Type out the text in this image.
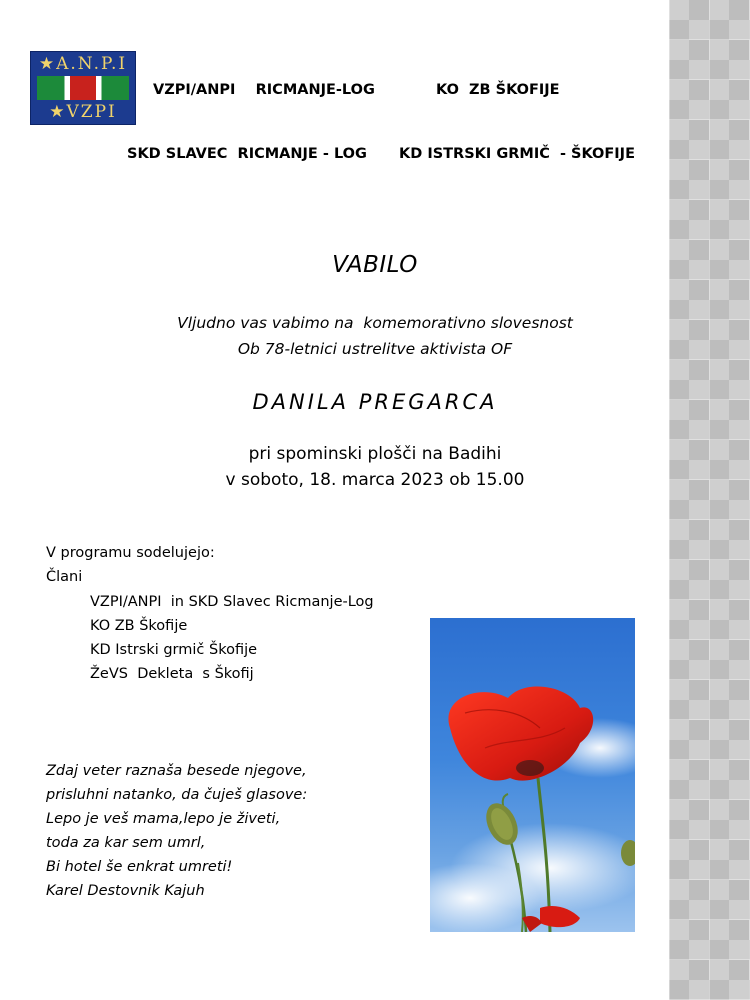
★A.N.P.I
★VZPI
VZPI/ANPI    RICMANJE-LOG	KO  ZB ŠKOFIJE
SKD SLAVEC  RICMANJE - LOG KD ISTRSKI GRMIČ  - ŠKOFIJE
VABILO
Vljudno vas vabimo na  komemorativno slovesnost
Ob 78-letnici ustrelitve aktivista OF
DANILA PREGARCA
pri spominski plošči na Badihi
v soboto, 18. marca 2023 ob 15.00
V programu sodelujejo:
Člani
VZPI/ANPI  in SKD Slavec Ricmanje-Log
KO ZB Škofije
KD Istrski grmič Škofije
ŽeVS  Dekleta  s Škofij
Zdaj veter raznaša besede njegove,
prisluhni natanko, da čuješ glasove:
Lepo je veš mama,lepo je živeti,
toda za kar sem umrl,
Bi hotel še enkrat umreti!
Karel Destovnik Kajuh
